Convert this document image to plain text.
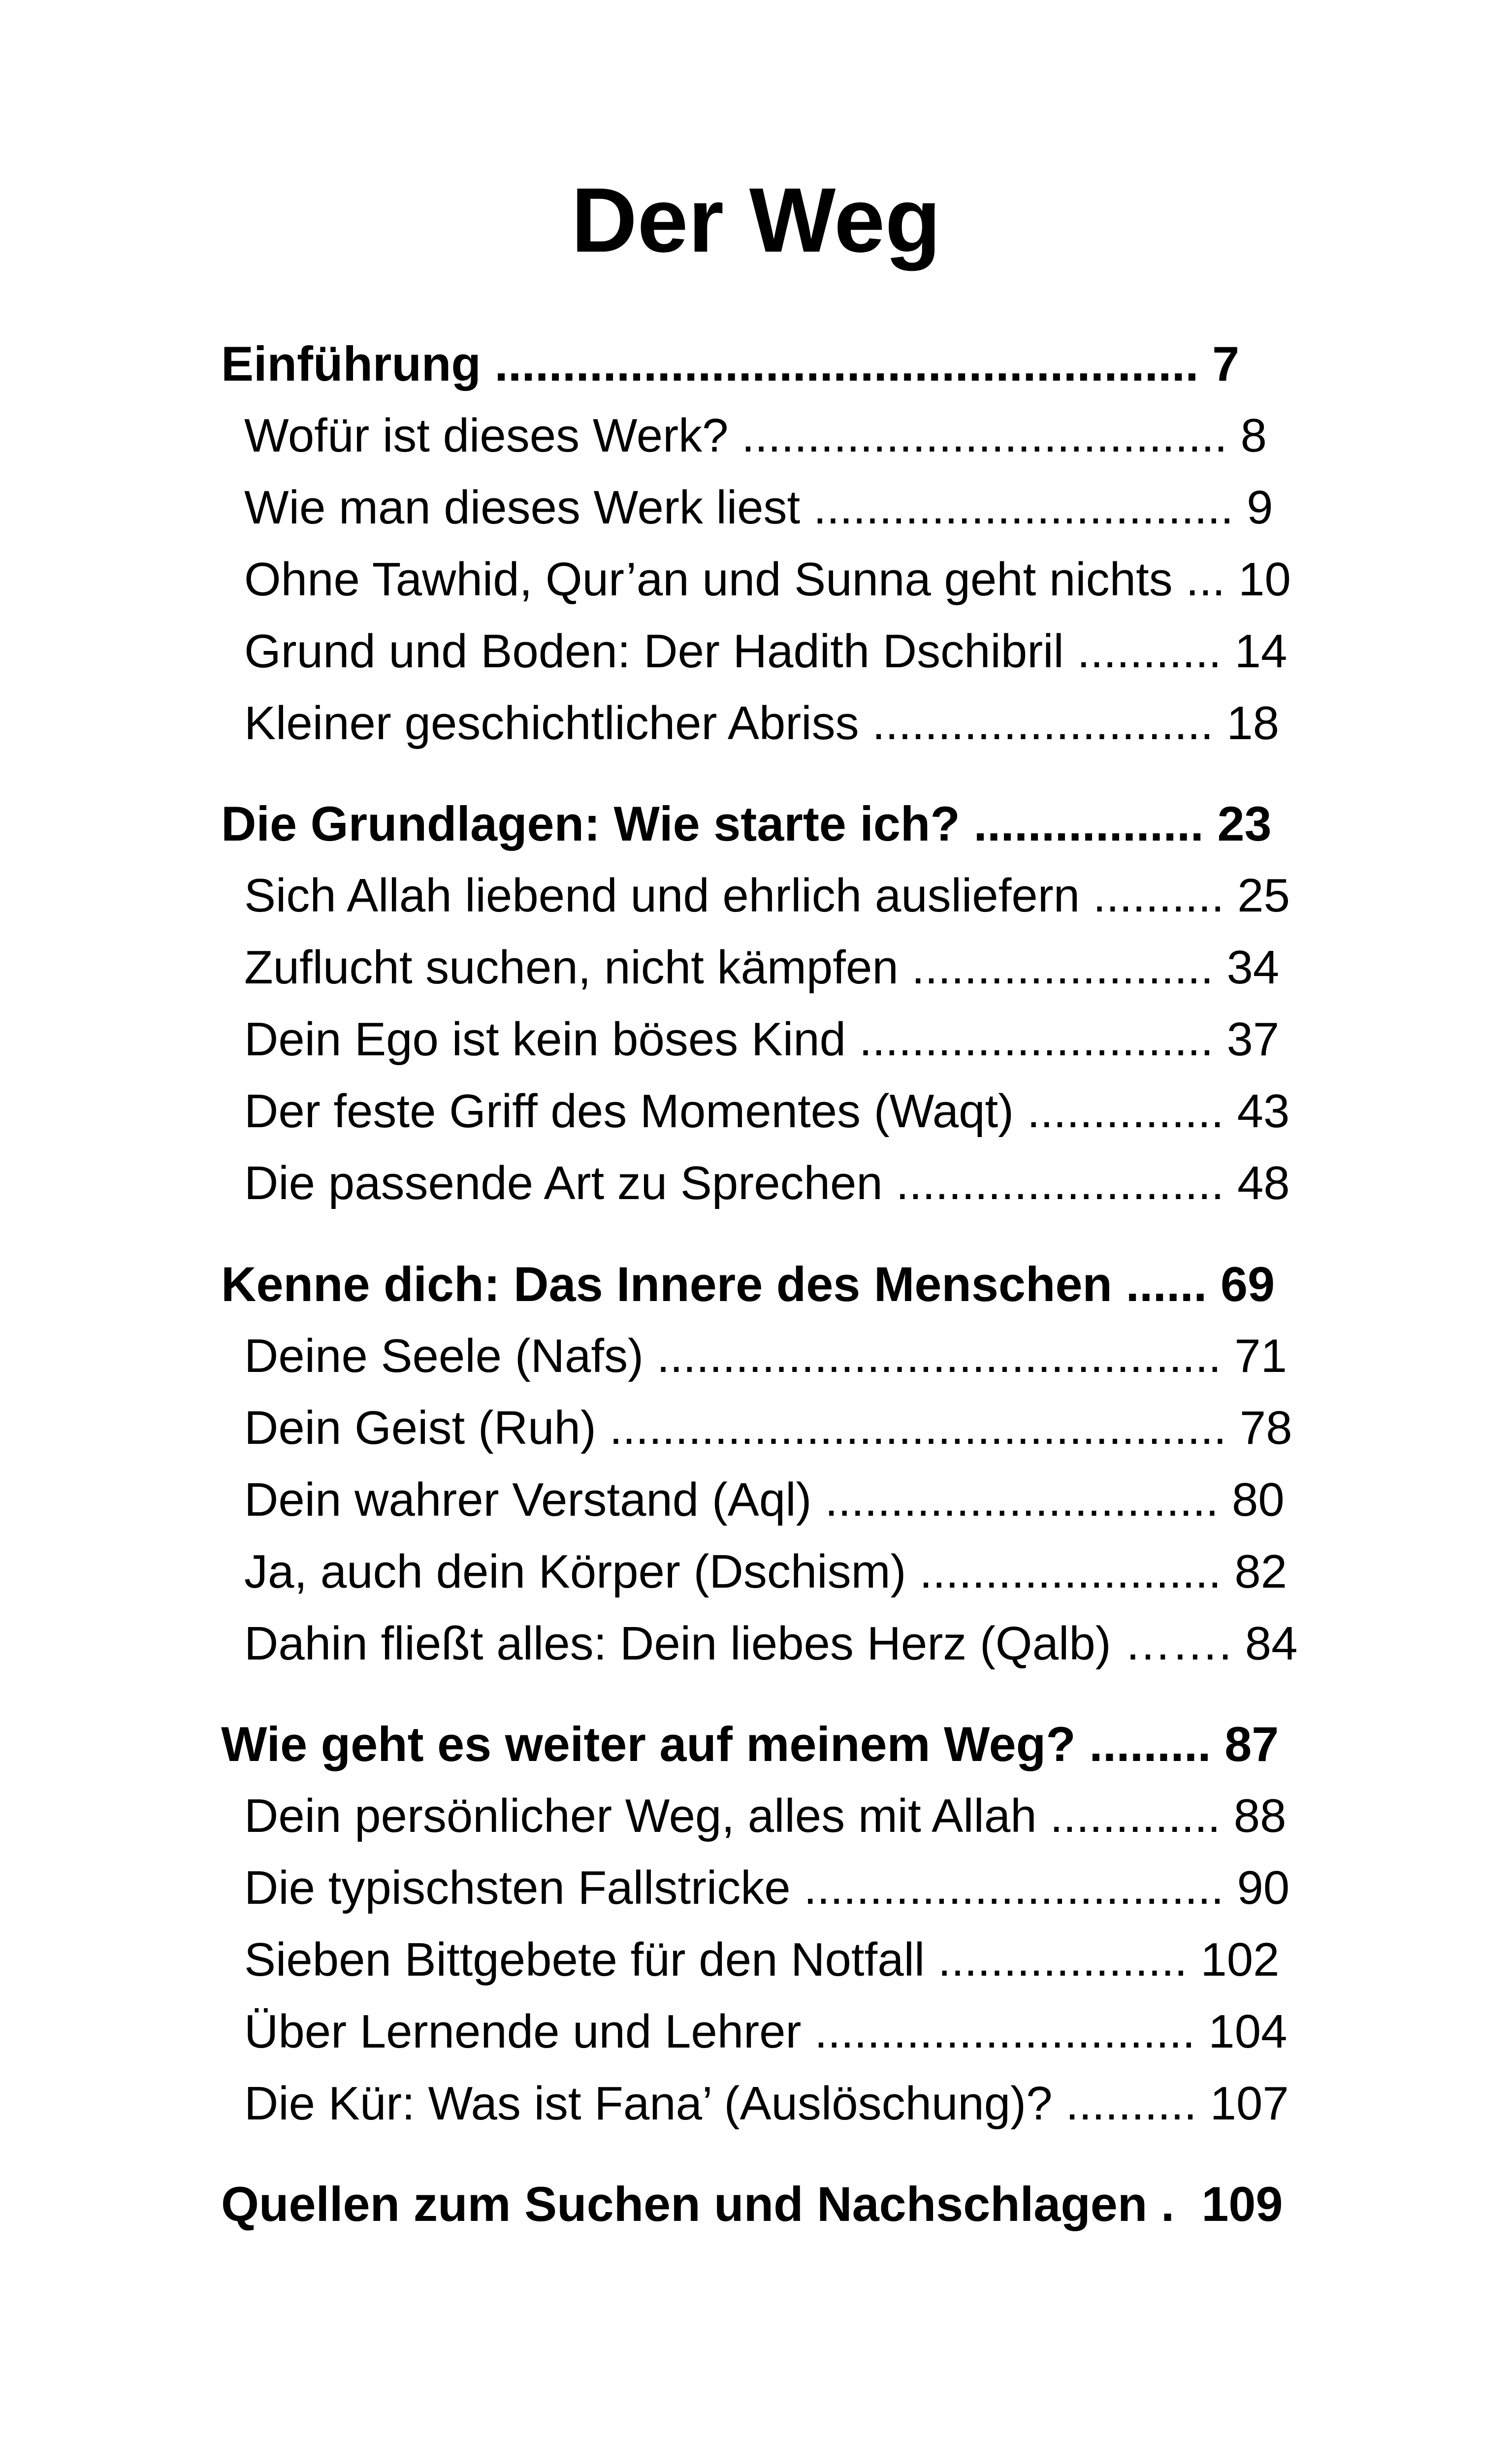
Der Weg
Einführung .................................................... 7
Wofür ist dieses Werk? ..................................... 8
Wie man dieses Werk liest ................................ 9
Ohne Tawhid, Qur’an und Sunna geht nichts ... 10
Grund und Boden: Der Hadith Dschibril ........... 14
Kleiner geschichtlicher Abriss .......................... 18
Die Grundlagen: Wie starte ich? ................. 23
Sich Allah liebend und ehrlich ausliefern .......... 25
Zuflucht suchen, nicht kämpfen ....................... 34
Dein Ego ist kein böses Kind ........................... 37
Der feste Griff des Momentes (Waqt) ............... 43
Die passende Art zu Sprechen ......................... 48
Kenne dich: Das Innere des Menschen ...... 69
Deine Seele (Nafs) ........................................... 71
Dein Geist (Ruh) ............................................... 78
Dein wahrer Verstand (Aql) .............................. 80
Ja, auch dein Körper (Dschism) ....................... 82
Dahin fließt alles: Dein liebes Herz (Qalb) ……. 84
Wie geht es weiter auf meinem Weg? ......... 87
Dein persönlicher Weg, alles mit Allah ............. 88
Die typischsten Fallstricke ................................ 90
Sieben Bittgebete für den Notfall ................... 102
Über Lernende und Lehrer ............................. 104
Die Kür: Was ist Fana’ (Auslöschung)? .......... 107
Quellen zum Suchen und Nachschlagen .  109
